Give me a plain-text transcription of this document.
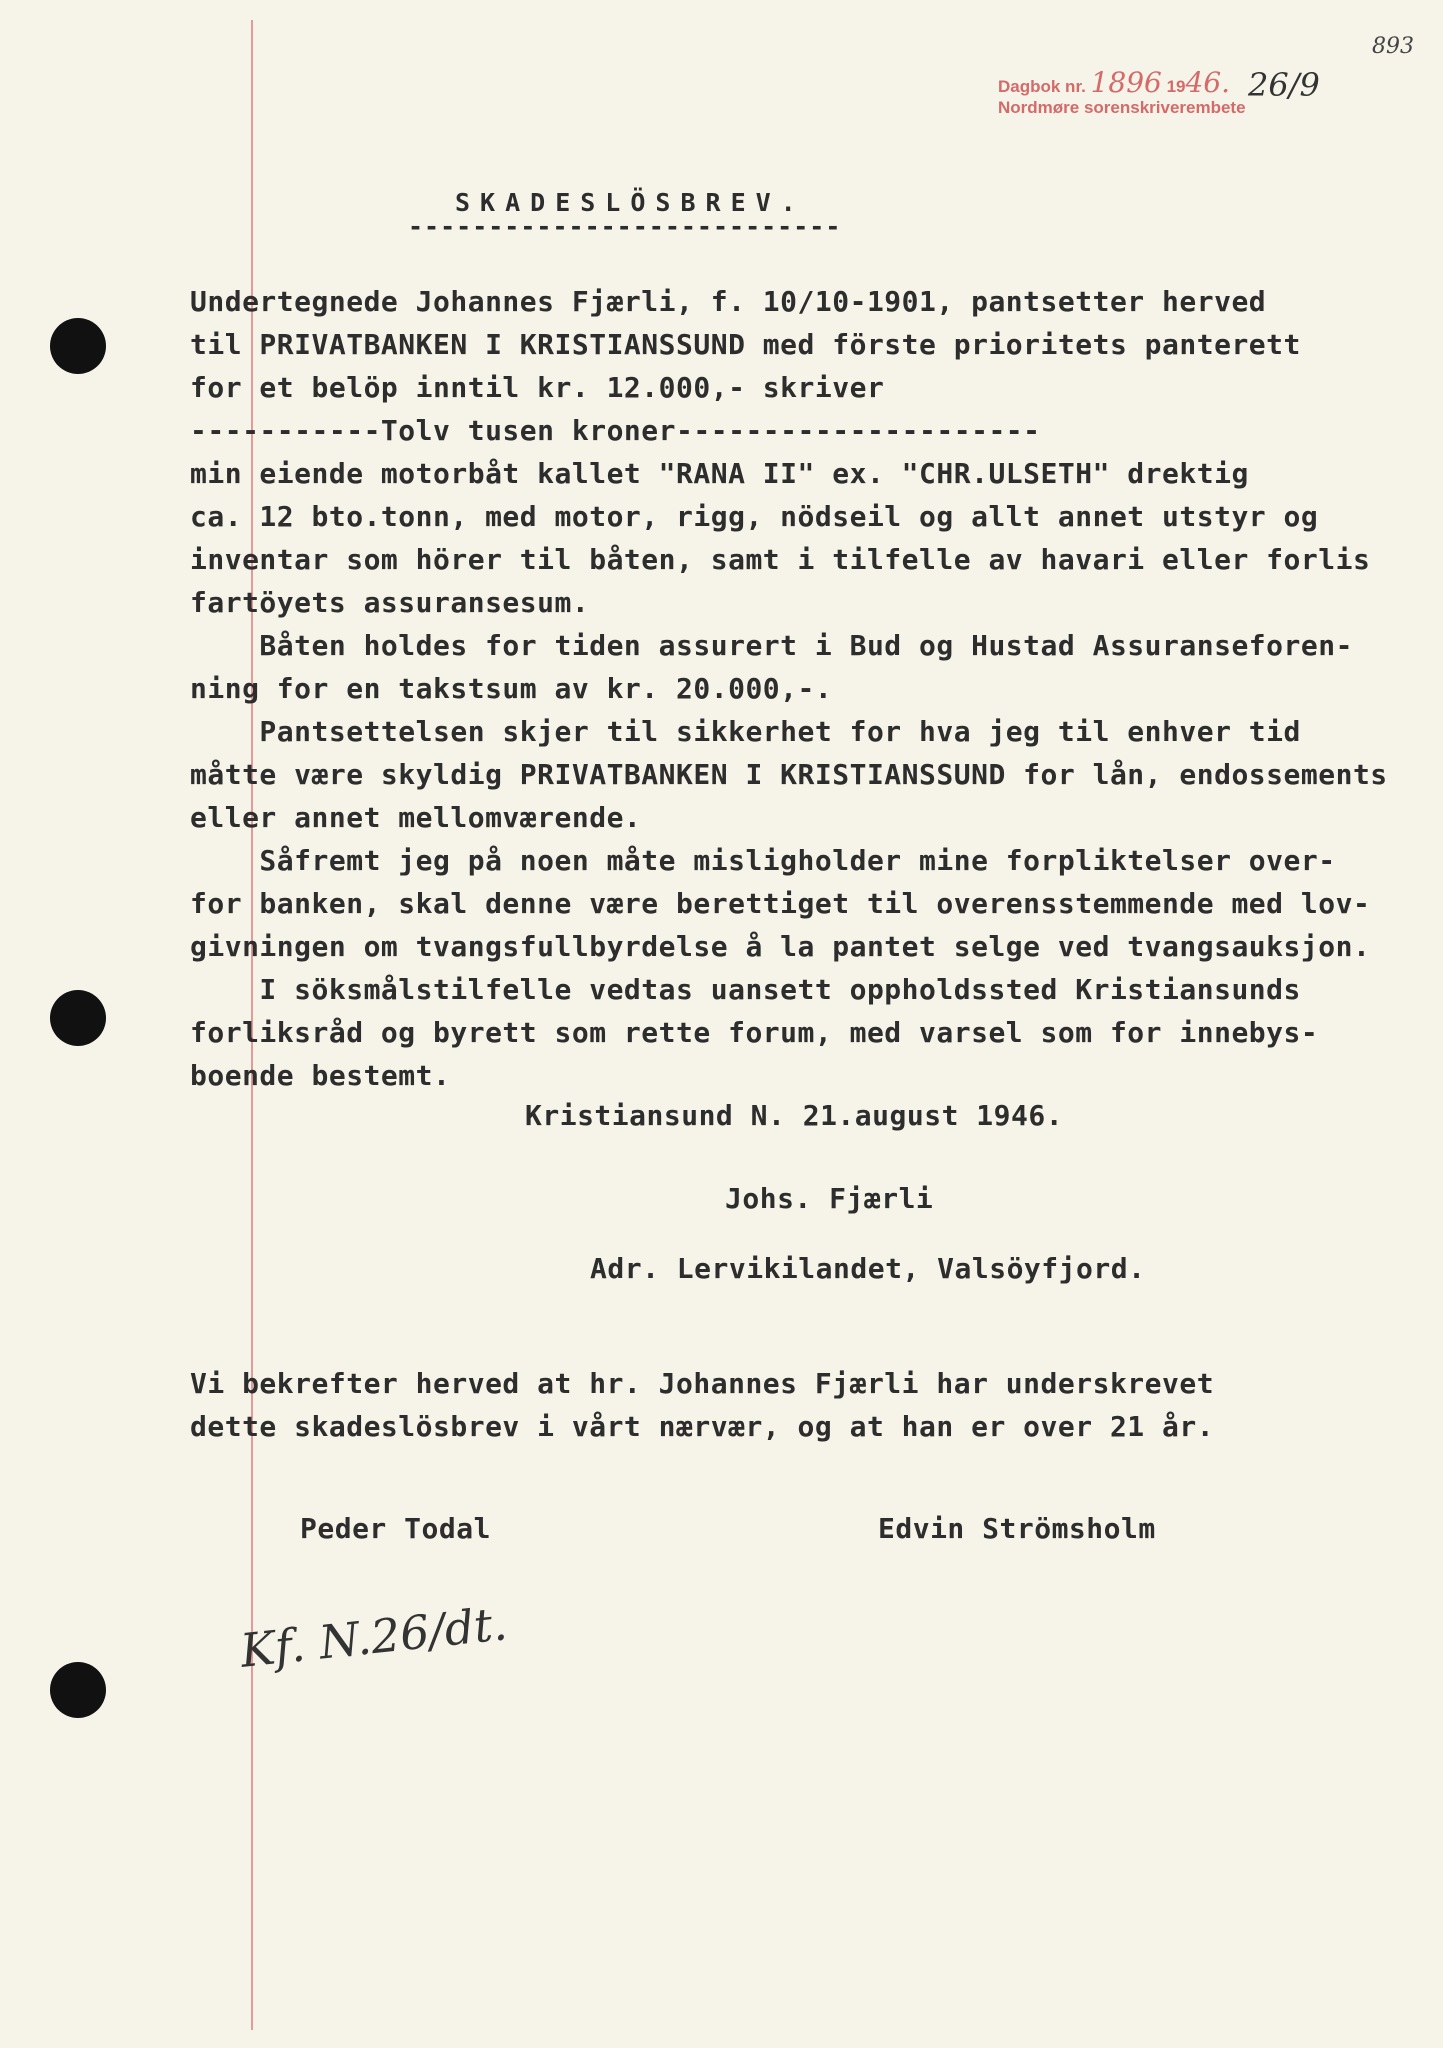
Dagbok nr. 1896 1946.
Nordmøre sorenskriverembete
893
26/9
SKADESLÖSBREV.
---------------------------
Undertegnede Johannes Fjærli, f. 10/10-1901, pantsetter herved
til PRIVATBANKEN I KRISTIANSSUND med förste prioritets panterett
for et belöp inntil kr. 12.000,- skriver
-----------Tolv tusen kroner---------------------
min eiende motorbåt kallet "RANA II" ex. "CHR.ULSETH" drektig
ca. 12 bto.tonn, med motor, rigg, nödseil og allt annet utstyr og
inventar som hörer til båten, samt i tilfelle av havari eller forlis
fartöyets assuransesum.
Båten holdes for tiden assurert i Bud og Hustad Assuranseforen-
ning for en takstsum av kr. 20.000,-.
Pantsettelsen skjer til sikkerhet for hva jeg til enhver tid
måtte være skyldig PRIVATBANKEN I KRISTIANSSUND for lån, endossements
eller annet mellomværende.
Såfremt jeg på noen måte misligholder mine forpliktelser over-
for banken, skal denne være berettiget til overensstemmende med lov-
givningen om tvangsfullbyrdelse å la pantet selge ved tvangsauksjon.
I söksmålstilfelle vedtas uansett oppholdssted Kristiansunds
forliksråd og byrett som rette forum, med varsel som for innebys-
boende bestemt.
Kristiansund N. 21.august 1946.
Johs. Fjærli
Adr. Lervikilandet, Valsöyfjord.
Vi bekrefter herved at hr. Johannes Fjærli har underskrevet
dette skadeslösbrev i vårt nærvær, og at han er over 21 år.
Peder Todal	Edvin Strömsholm
Kf. N.26/dt.
